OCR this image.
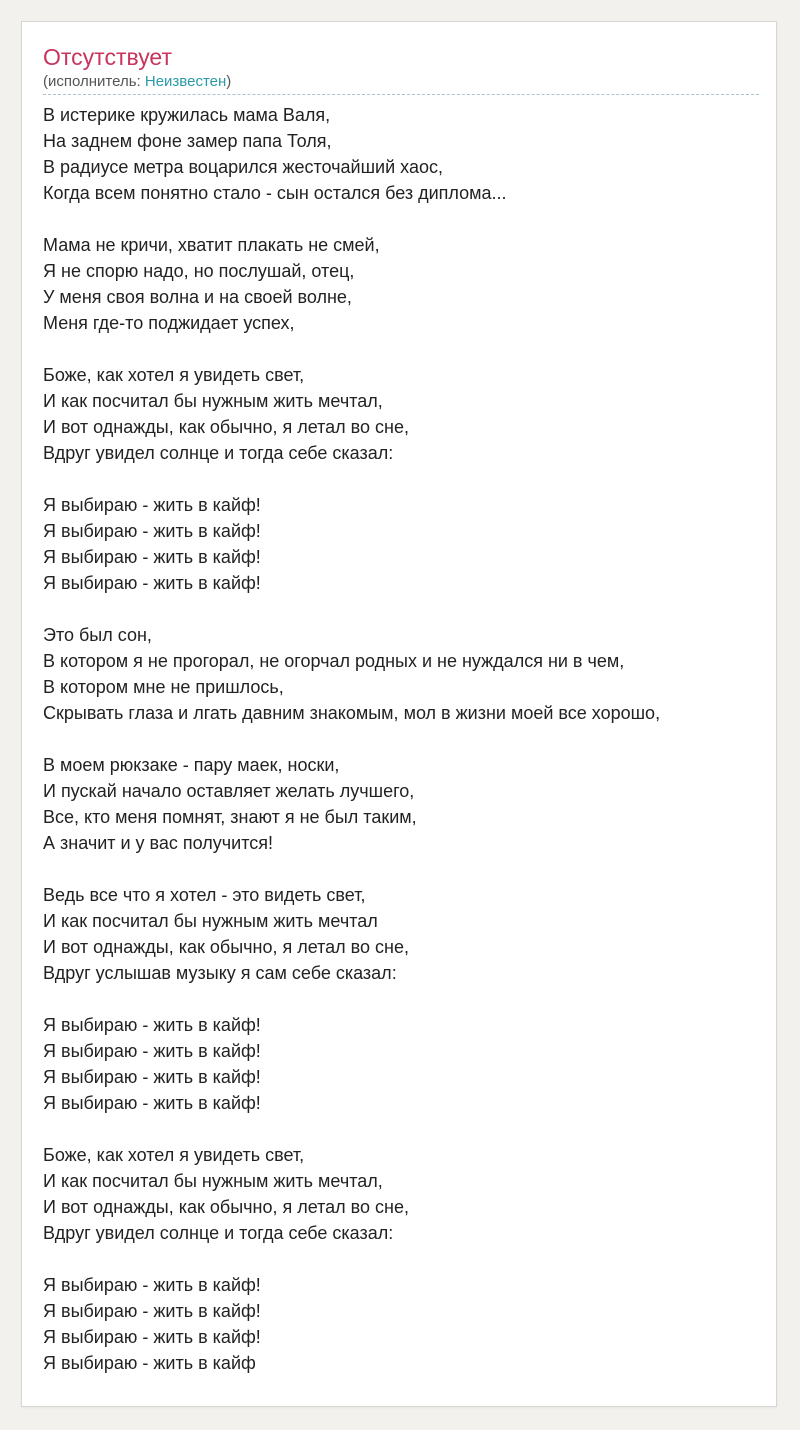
Отсутствует
(исполнитель: Неизвестен)
В истерике кружилась мама Валя,
На заднем фоне замер папа Толя,
В радиусе метра воцарился жесточайший хаос,
Когда всем понятно стало - сын остался без диплома...
Мама не кричи, хватит плакать не смей,
Я не спорю надо, но послушай, отец,
У меня своя волна и на своей волне,
Меня где-то поджидает успех,
Боже, как хотел я увидеть свет,
И как посчитал бы нужным жить мечтал,
И вот однажды, как обычно, я летал во сне,
Вдруг увидел солнце и тогда себе сказал:
Я выбираю - жить в кайф!
Я выбираю - жить в кайф!
Я выбираю - жить в кайф!
Я выбираю - жить в кайф!
Это был сон,
В котором я не прогорал, не огорчал родных и не нуждался ни в чем,
В котором мне не пришлось,
Скрывать глаза и лгать давним знакомым, мол в жизни моей все хорошо,
В моем рюкзаке - пару маек, носки,
И пускай начало оставляет желать лучшего,
Все, кто меня помнят, знают я не был таким,
А значит и у вас получится!
Ведь все что я хотел - это видеть свет,
И как посчитал бы нужным жить мечтал
И вот однажды, как обычно, я летал во сне,
Вдруг услышав музыку я сам себе сказал:
Я выбираю - жить в кайф!
Я выбираю - жить в кайф!
Я выбираю - жить в кайф!
Я выбираю - жить в кайф!
Боже, как хотел я увидеть свет,
И как посчитал бы нужным жить мечтал,
И вот однажды, как обычно, я летал во сне,
Вдруг увидел солнце и тогда себе сказал:
Я выбираю - жить в кайф!
Я выбираю - жить в кайф!
Я выбираю - жить в кайф!
Я выбираю - жить в кайф
